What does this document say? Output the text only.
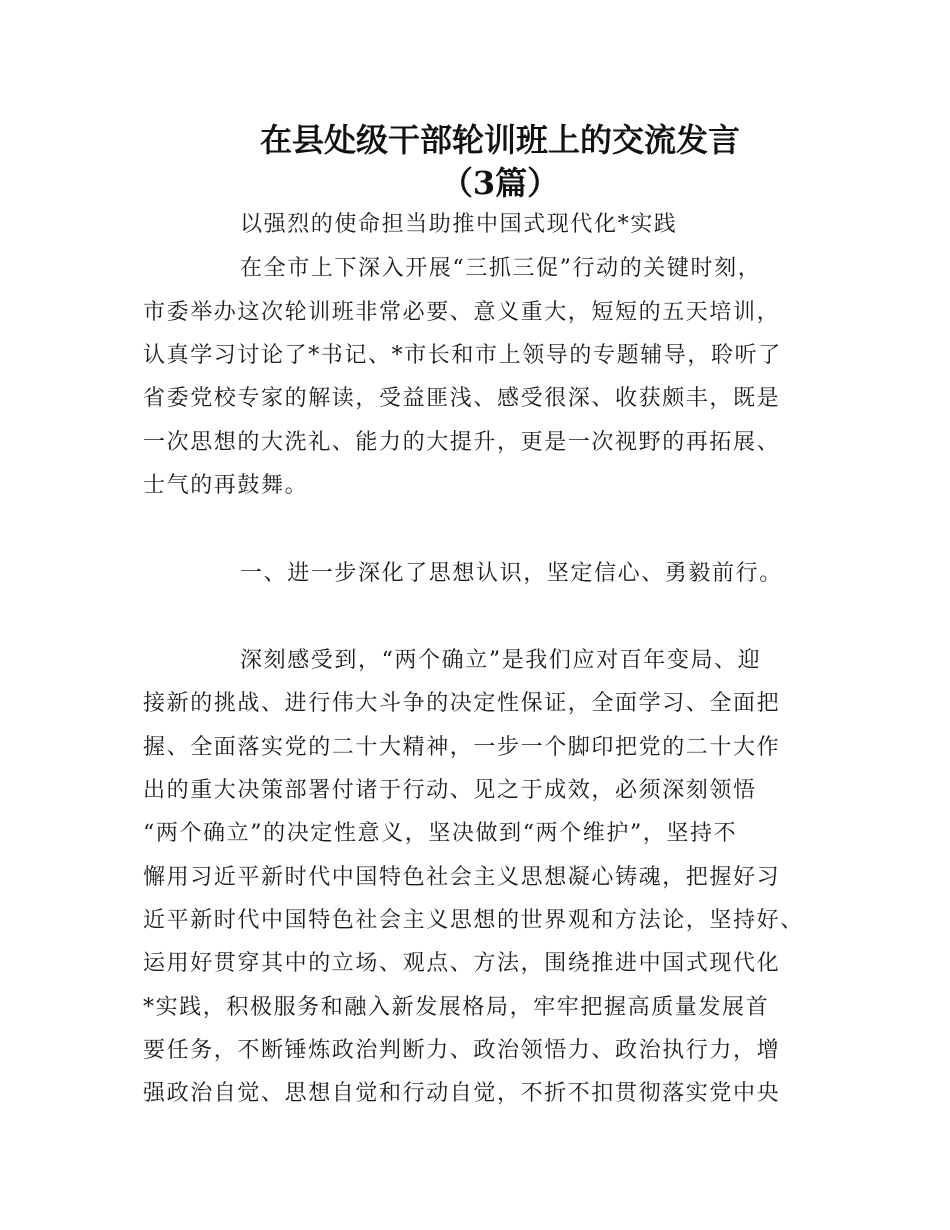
在县处级干部轮训班上的交流发言
（3篇）
以强烈的使命担当助推中国式现代化*实践
在全市上下深入开展“三抓三促”行动的关键时刻，
市委举办这次轮训班非常必要、意义重大，短短的五天培训，
认真学习讨论了*书记、*市长和市上领导的专题辅导，聆听了
省委党校专家的解读，受益匪浅、感受很深、收获颇丰，既是
一次思想的大洗礼、能力的大提升，更是一次视野的再拓展、
士气的再鼓舞。
一、进一步深化了思想认识，坚定信心、勇毅前行。
深刻感受到，“两个确立”是我们应对百年变局、迎
接新的挑战、进行伟大斗争的决定性保证，全面学习、全面把
握、全面落实党的二十大精神，一步一个脚印把党的二十大作
出的重大决策部署付诸于行动、见之于成效，必须深刻领悟
“两个确立”的决定性意义，坚决做到“两个维护”，坚持不
懈用习近平新时代中国特色社会主义思想凝心铸魂，把握好习
近平新时代中国特色社会主义思想的世界观和方法论，坚持好、
运用好贯穿其中的立场、观点、方法，围绕推进中国式现代化
*实践，积极服务和融入新发展格局，牢牢把握高质量发展首
要任务，不断锤炼政治判断力、政治领悟力、政治执行力，增
强政治自觉、思想自觉和行动自觉，不折不扣贯彻落实党中央
